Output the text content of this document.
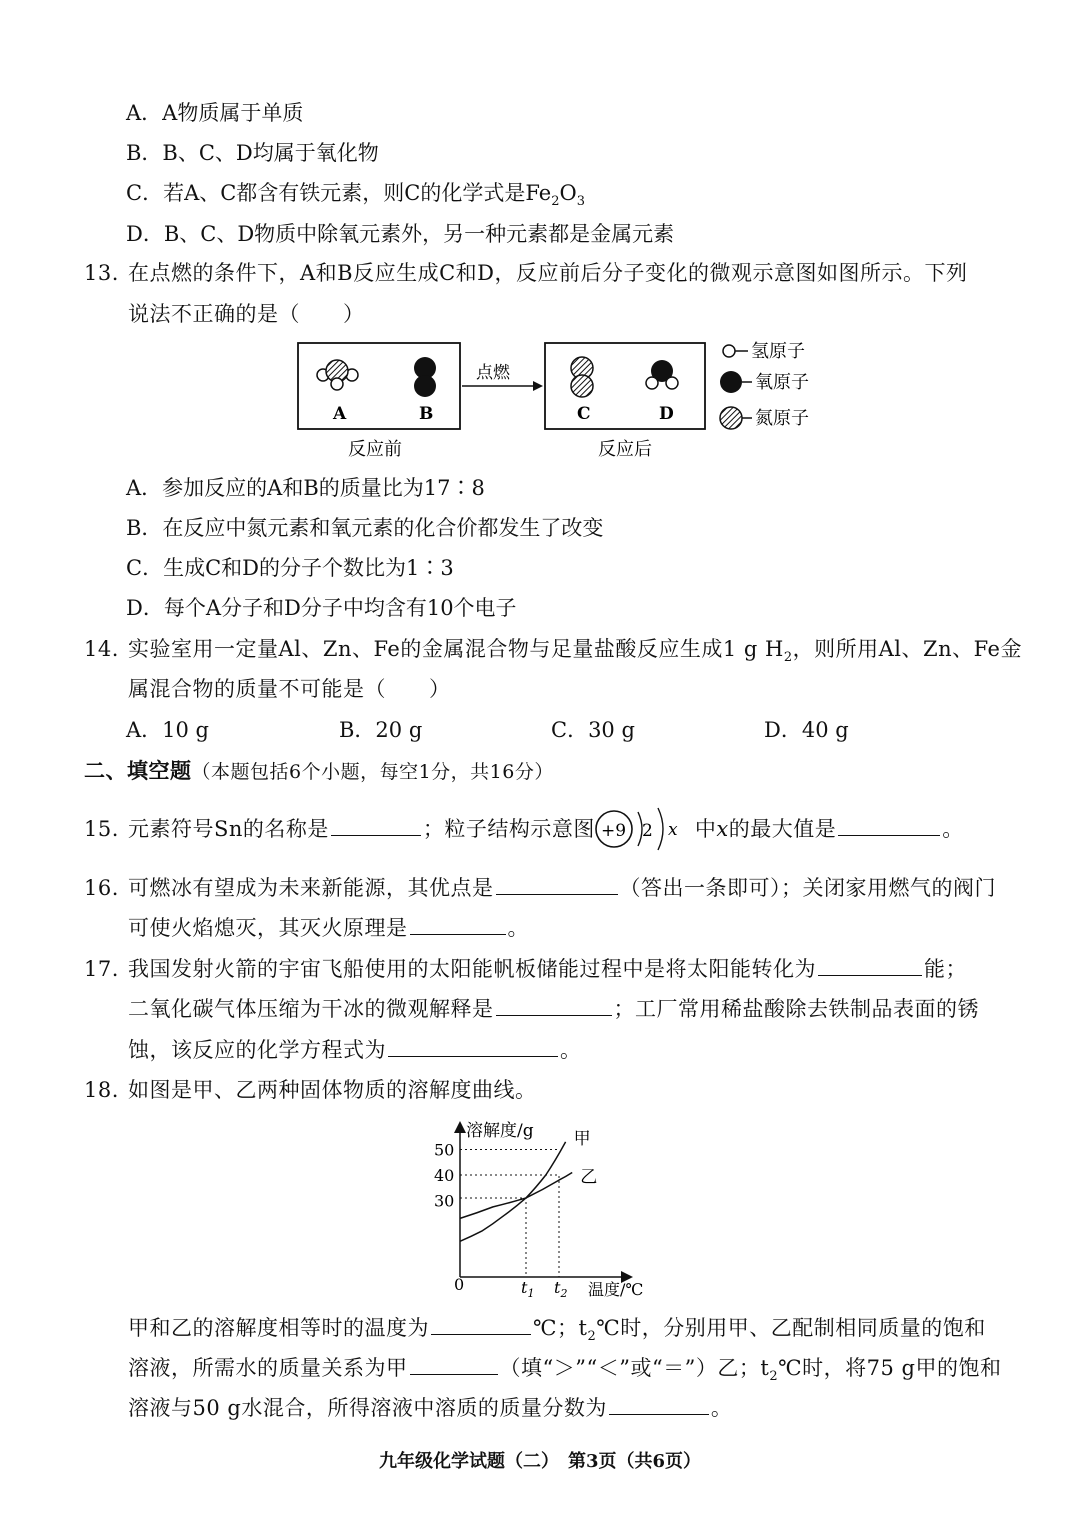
A．A物质属于单质
B．B、C、D均属于氧化物
C．若A、C都含有铁元素，则C的化学式是$Fe_2O_3$
D．B、C、D物质中除氧元素外，另一种元素都是金属元素
13. 在点燃的条件下，A和B反应生成C和D，反应前后分子变化的微观示意图如图所示。下列
说法不正确的是（　　）
A	B
点燃
C	D
反应前	反应后
氢原子
氧原子
氮原子
A．参加反应的A和B的质量比为17∶8
B．在反应中氮元素和氧元素的化合价都发生了改变
C．生成C和D的分子个数比为1∶3
D．每个A分子和D分子中均含有10个电子
14. 实验室用一定量Al、Zn、Fe的金属混合物与足量盐酸反应生成1 g $H_2$，则所用Al、Zn、Fe金
属混合物的质量不可能是（　　）
A．10 g	B．20 g	C．30 g	D．40 g
二、填空题（本题包括6个小题，每空1分，共16分）
15. 元素符号Sn的名称是	；粒子结构示意图	中x的最大值是	。
+9 2 x
16. 可燃冰有望成为未来新能源，其优点是	（答出一条即可）；关闭家用燃气的阀门
可使火焰熄灭，其灭火原理是	。
17. 我国发射火箭的宇宙飞船使用的太阳能帆板储能过程中是将太阳能转化为	能；
二氧化碳气体压缩为干冰的微观解释是	；工厂常用稀盐酸除去铁制品表面的锈
蚀，该反应的化学方程式为	。
18. 如图是甲、乙两种固体物质的溶解度曲线。
溶解度/g
0	温度/℃
30
40
50
$t_1$ $t_2$
甲
乙
甲和乙的溶解度相等时的温度为	℃；$t_2℃$时，分别用甲、乙配制相同质量的饱和
溶液，所需水的质量关系为甲	（填“＞”“＜”或“＝”）乙；$t_2℃$时，将75 g甲的饱和
溶液与50 g水混合，所得溶液中溶质的质量分数为	。
九年级化学试题（二）　第3页（共6页）
